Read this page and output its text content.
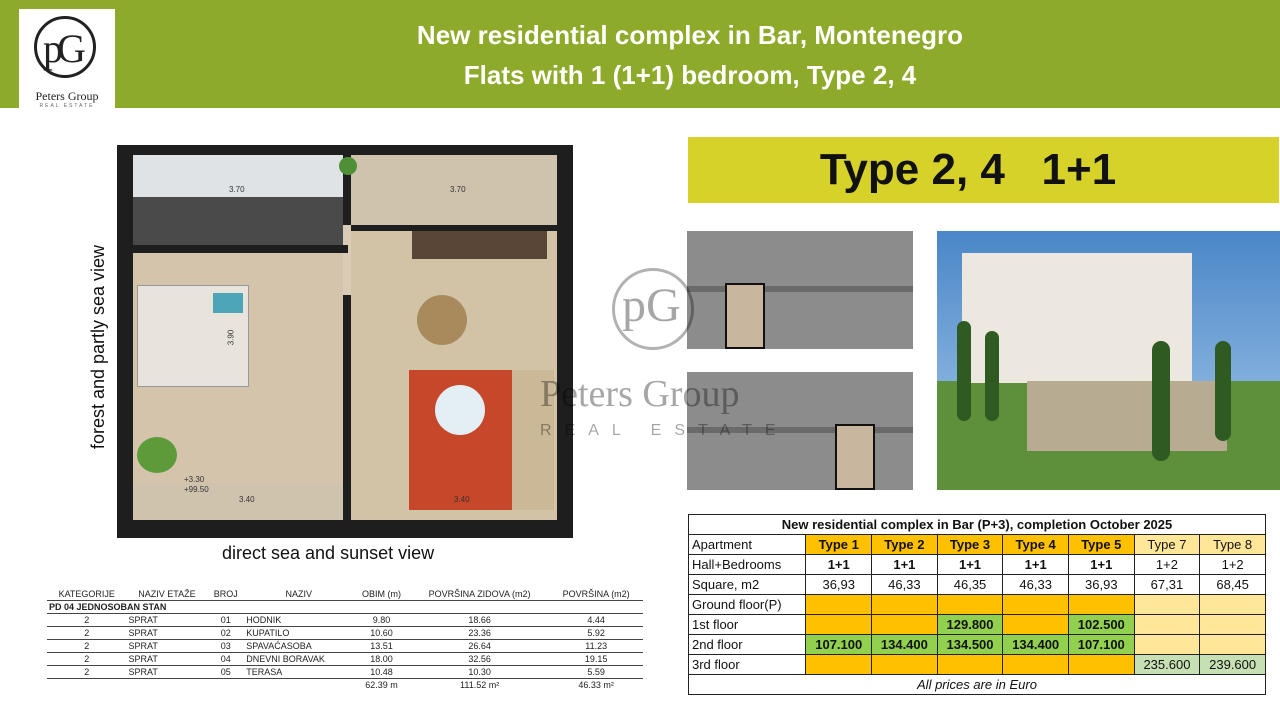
pG
Peters Group
REAL ESTATE
New residential complex in Bar, Montenegro
Flats with 1 (1+1) bedroom, Type 2, 4
Type 2, 4   1+1
3.70	3.70
3.90
3.40	3.40
+3.30
+99.50
forest and partly sea view
direct sea and sunset view
pG
Peters Group
REAL ESTATE
New residential complex in Bar (P+3), completion October 2025							
Apartment	Type 1	Type 2	Type 3	Type 4	Type 5	Type 7	Type 8
Hall+Bedrooms	1+1	1+1	1+1	1+1	1+1	1+2	1+2
Square, m2	36,93	46,33	46,35	46,33	36,93	67,31	68,45
Ground floor(P)							
1st floor			129.800		102.500		
2nd floor	107.100	134.400	134.500	134.400	107.100		
3rd floor						235.600	239.600
All prices are in Euro							
KATEGORIJE	NAZIV ETAŽE	BROJ	NAZIV	OBIM (m)	POVRŠINA ZIDOVA (m2)	POVRŠINA (m2)
PD 04 JEDNOSOBAN STAN						
2	SPRAT	01	HODNIK	9.80	18.66	4.44
2	SPRAT	02	KUPATILO	10.60	23.36	5.92
2	SPRAT	03	SPAVAĆASOBA	13.51	26.64	11.23
2	SPRAT	04	DNEVNI BORAVAK	18.00	32.56	19.15
2	SPRAT	05	TERASA	10.48	10.30	5.59
				62.39 m	111.52 m²	46.33 m²
